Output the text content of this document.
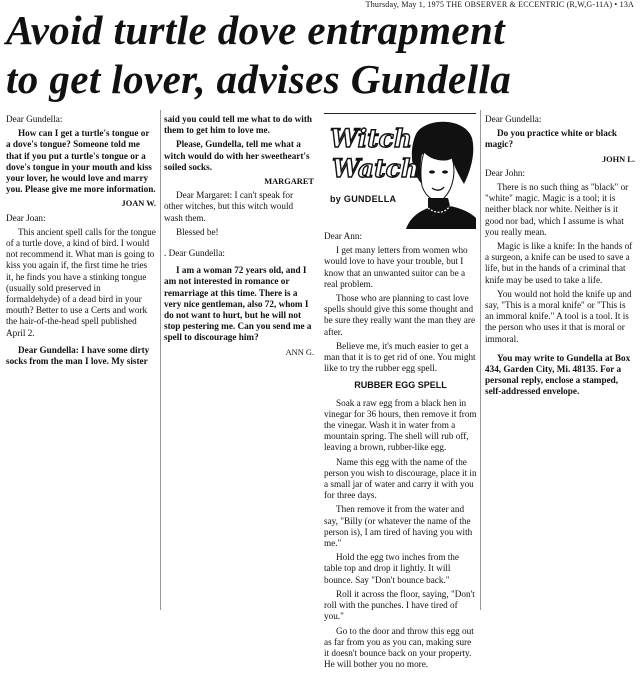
Thursday, May 1, 1975 THE OBSERVER & ECCENTRIC (R,W,G-11A) • 13A
Avoid turtle dove entrapment
to get lover, advises Gundella

Dear Gundella:

How can I get a turtle's tongue or a dove's tongue? Someone told me that if you put a turtle's tongue or a dove's tongue in your mouth and kiss your lover, he would love and marry you. Please give me more information.

JOAN W.

Dear Joan:

This ancient spell calls for the tongue of a turtle dove, a kind of bird. I would not recommend it. What man is going to kiss you again if, the first time he tries it, he finds you have a stinking tongue (usually sold preserved in formaldehyde) of a dead bird in your mouth? Better to use a Certs and work the hair-of-the-head spell published April 2.

Dear Gundella: I have some dirty socks from the man I love. My sister

said you could tell me what to do with them to get him to love me.

Please, Gundella, tell me what a witch would do with her sweetheart's soiled socks.

MARGARET

Dear Margaret: I can't speak for other witches, but this witch would wash them.

Blessed be!

. Dear Gundella:

I am a woman 72 years old, and I am not interested in romance or remarriage at this time. There is a very nice gentleman, also 72, whom I do not want to hurt, but he will not stop pestering me. Can you send me a spell to discourage him?

ANN G.

Witch
Watch
by GUNDELLA

Dear Ann:

I get many letters from women who would love to have your trouble, but I know that an unwanted suitor can be a real problem.

Those who are planning to cast love spells should give this some thought and be sure they really want the man they are after.

Believe me, it's much easier to get a man that it is to get rid of one. You might like to try the rubber egg spell.

RUBBER EGG SPELL

Soak a raw egg from a black hen in vinegar for 36 hours, then remove it from the vinegar. Wash it in water from a mountain spring. The shell will rub off, leaving a brown, rubber-like egg.

Name this egg with the name of the person you wish to discourage, place it in a small jar of water and carry it with you for three days.

Then remove it from the water and say, "Billy (or whatever the name of the person is), I am tired of having you with me."

Hold the egg two inches from the table top and drop it lightly. It will bounce. Say "Don't bounce back."

Roll it across the floor, saying, "Don't roll with the punches. I have tired of you."

Go to the door and throw this egg out as far from you as you can, making sure it doesn't bounce back on your property. He will bother you no more.

Dear Gundella:

Do you practice white or black magic?

JOHN L.

Dear John:

There is no such thing as "black" or "white" magic. Magic is a tool; it is neither black nor white. Neither is it good nor bad, which I assume is what you really mean.

Magic is like a knife: In the hands of a surgeon, a knife can be used to save a life, but in the hands of a criminal that knife may be used to take a life.

You would not hold the knife up and say, "This is a moral knife" or "This is an immoral knife." A tool is a tool. It is the person who uses it that is moral or immoral.

You may write to Gundella at Box 434, Garden City, Mi. 48135. For a personal reply, enclose a stamped, self-addressed envelope.
